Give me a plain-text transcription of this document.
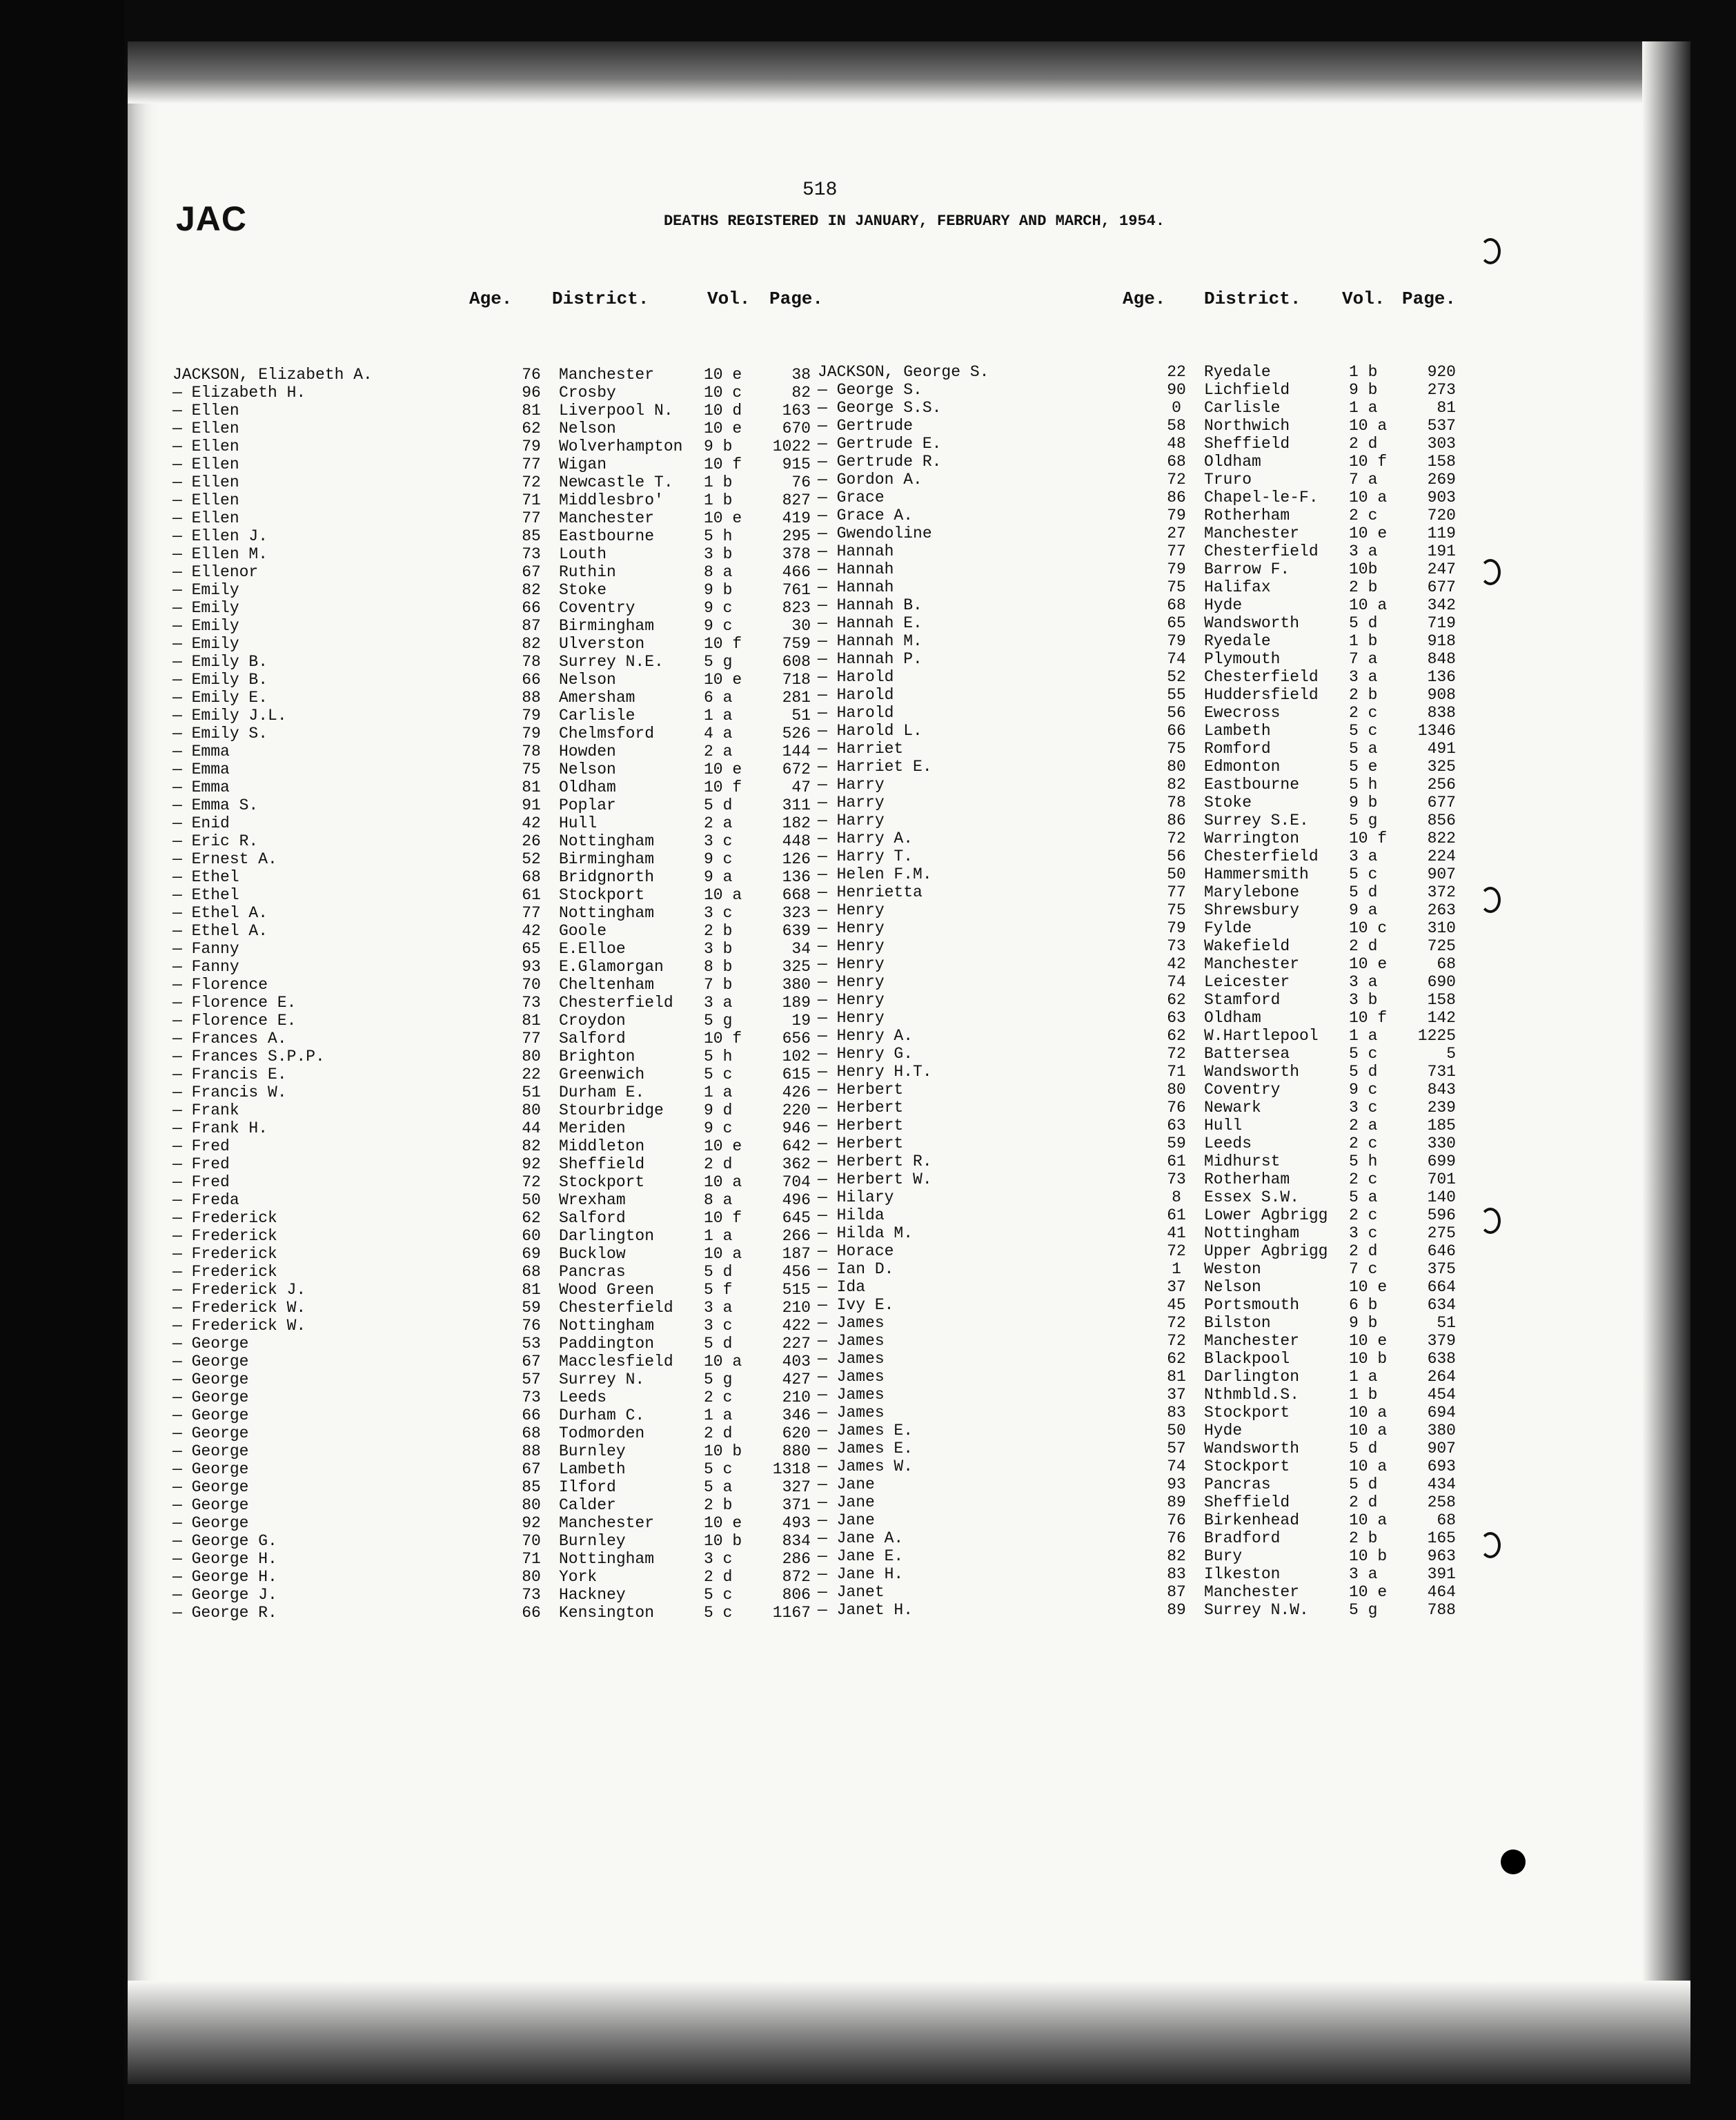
JAC
518
DEATHS REGISTERED IN JANUARY, FEBRUARY AND MARCH, 1954.
Age. District.	Vol. Page.	Age. District. Vol. Page.
JACKSON, Elizabeth A.	76	Manchester	10 e	38
— Elizabeth H.	96	Crosby	10 c	82
— Ellen	81	Liverpool N. 10 d	163
— Ellen	62	Nelson	10 e	670
— Ellen	79	Wolverhampton 9 b	1022
— Ellen	77	Wigan	10 f	915
— Ellen	72	Newcastle T. 1 b	76
— Ellen	71	Middlesbro'	1 b	827
— Ellen	77	Manchester	10 e	419
— Ellen J.	85	Eastbourne	5 h	295
— Ellen M.	73	Louth	3 b	378
— Ellenor	67	Ruthin	8 a	466
— Emily	82	Stoke	9 b	761
— Emily	66	Coventry	9 c	823
— Emily	87	Birmingham	9 c	30
— Emily	82	Ulverston	10 f	759
— Emily B.	78	Surrey N.E.	5 g	608
— Emily B.	66	Nelson	10 e	718
— Emily E.	88	Amersham	6 a	281
— Emily J.L.	79	Carlisle	1 a	51
— Emily S.	79	Chelmsford	4 a	526
— Emma	78	Howden	2 a	144
— Emma	75	Nelson	10 e	672
— Emma	81	Oldham	10 f	47
— Emma S.	91	Poplar	5 d	311
— Enid	42	Hull	2 a	182
— Eric R.	26	Nottingham	3 c	448
— Ernest A.	52	Birmingham	9 c	126
— Ethel	68	Bridgnorth	9 a	136
— Ethel	61	Stockport	10 a	668
— Ethel A.	77	Nottingham	3 c	323
— Ethel A.	42	Goole	2 b	639
— Fanny	65	E.Elloe	3 b	34
— Fanny	93	E.Glamorgan	8 b	325
— Florence	70	Cheltenham	7 b	380
— Florence E.	73	Chesterfield 3 a	189
— Florence E.	81	Croydon	5 g	19
— Frances A.	77	Salford	10 f	656
— Frances S.P.P.	80	Brighton	5 h	102
— Francis E.	22	Greenwich	5 c	615
— Francis W.	51	Durham E.	1 a	426
— Frank	80	Stourbridge	9 d	220
— Frank H.	44	Meriden	9 c	946
— Fred	82	Middleton	10 e	642
— Fred	92	Sheffield	2 d	362
— Fred	72	Stockport	10 a	704
— Freda	50	Wrexham	8 a	496
— Frederick	62	Salford	10 f	645
— Frederick	60	Darlington	1 a	266
— Frederick	69	Bucklow	10 a	187
— Frederick	68	Pancras	5 d	456
— Frederick J.	81	Wood Green	5 f	515
— Frederick W.	59	Chesterfield 3 a	210
— Frederick W.	76	Nottingham	3 c	422
— George	53	Paddington	5 d	227
— George	67	Macclesfield 10 a	403
— George	57	Surrey N.	5 g	427
— George	73	Leeds	2 c	210
— George	66	Durham C.	1 a	346
— George	68	Todmorden	2 d	620
— George	88	Burnley	10 b	880
— George	67	Lambeth	5 c	1318
— George	85	Ilford	5 a	327
— George	80	Calder	2 b	371
— George	92	Manchester	10 e	493
— George G.	70	Burnley	10 b	834
— George H.	71	Nottingham	3 c	286
— George H.	80	York	2 d	872
— George J.	73	Hackney	5 c	806
— George R.	66	Kensington	5 c	1167
JACKSON, George S.	22	Ryedale	1 b	920
— George S.	90	Lichfield	9 b	273
— George S.S.	0	Carlisle	1 a	81
— Gertrude	58	Northwich	10 a	537
— Gertrude E.	48	Sheffield	2 d	303
— Gertrude R.	68	Oldham	10 f	158
— Gordon A.	72	Truro	7 a	269
— Grace	86	Chapel-le-F. 10 a	903
— Grace A.	79	Rotherham	2 c	720
— Gwendoline	27	Manchester	10 e	119
— Hannah	77	Chesterfield 3 a	191
— Hannah	79	Barrow F.	10b	247
— Hannah	75	Halifax	2 b	677
— Hannah B.	68	Hyde	10 a	342
— Hannah E.	65	Wandsworth	5 d	719
— Hannah M.	79	Ryedale	1 b	918
— Hannah P.	74	Plymouth	7 a	848
— Harold	52	Chesterfield 3 a	136
— Harold	55	Huddersfield 2 b	908
— Harold	56	Ewecross	2 c	838
— Harold L.	66	Lambeth	5 c	1346
— Harriet	75	Romford	5 a	491
— Harriet E.	80	Edmonton	5 e	325
— Harry	82	Eastbourne	5 h	256
— Harry	78	Stoke	9 b	677
— Harry	86	Surrey S.E.	5 g	856
— Harry A.	72	Warrington	10 f	822
— Harry T.	56	Chesterfield 3 a	224
— Helen F.M.	50	Hammersmith	5 c	907
— Henrietta	77	Marylebone	5 d	372
— Henry	75	Shrewsbury	9 a	263
— Henry	79	Fylde	10 c	310
— Henry	73	Wakefield	2 d	725
— Henry	42	Manchester	10 e	68
— Henry	74	Leicester	3 a	690
— Henry	62	Stamford	3 b	158
— Henry	63	Oldham	10 f	142
— Henry A.	62	W.Hartlepool 1 a	1225
— Henry G.	72	Battersea	5 c	5
— Henry H.T.	71	Wandsworth	5 d	731
— Herbert	80	Coventry	9 c	843
— Herbert	76	Newark	3 c	239
— Herbert	63	Hull	2 a	185
— Herbert	59	Leeds	2 c	330
— Herbert R.	61	Midhurst	5 h	699
— Herbert W.	73	Rotherham	2 c	701
— Hilary	8	Essex S.W.	5 a	140
— Hilda	61	Lower Agbrigg 2 c	596
— Hilda M.	41	Nottingham	3 c	275
— Horace	72	Upper Agbrigg 2 d	646
— Ian D.	1	Weston	7 c	375
— Ida	37	Nelson	10 e	664
— Ivy E.	45	Portsmouth	6 b	634
— James	72	Bilston	9 b	51
— James	72	Manchester	10 e	379
— James	62	Blackpool	10 b	638
— James	81	Darlington	1 a	264
— James	37	Nthmbld.S.	1 b	454
— James	83	Stockport	10 a	694
— James E.	50	Hyde	10 a	380
— James E.	57	Wandsworth	5 d	907
— James W.	74	Stockport	10 a	693
— Jane	93	Pancras	5 d	434
— Jane	89	Sheffield	2 d	258
— Jane	76	Birkenhead	10 a	68
— Jane A.	76	Bradford	2 b	165
— Jane E.	82	Bury	10 b	963
— Jane H.	83	Ilkeston	3 a	391
— Janet	87	Manchester	10 e	464
— Janet H.	89	Surrey N.W.	5 g	788
